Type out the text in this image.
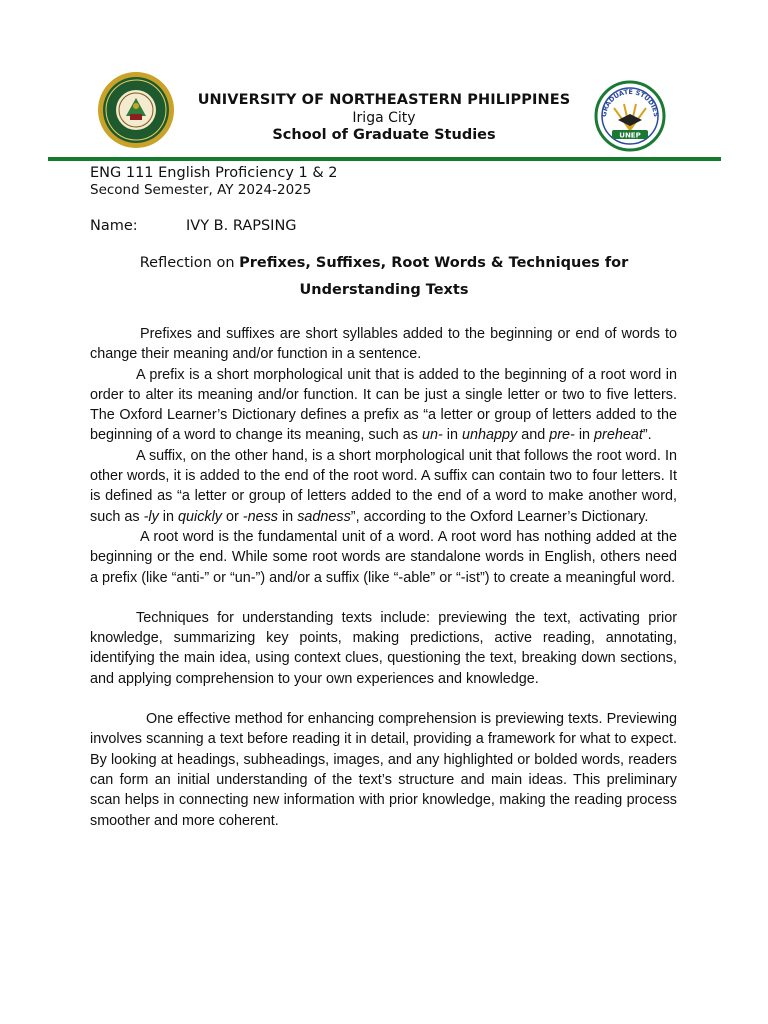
UNIVERSITY OF NORTHEASTERN PHILIPPINES
Iriga City
School of Graduate Studies	UNEP
GRADUATE STUDIES
ENG 111 English Proficiency 1 & 2
Second Semester, AY 2024-2025
Name:	IVY B. RAPSING
Reflection on Prefixes, Suffixes, Root Words & Techniques for
Understanding Texts

Prefixes and suffixes are short syllables added to the beginning or end of words to change their meaning and/or function in a sentence.

A prefix is a short morphological unit that is added to the beginning of a root word in order to alter its meaning and/or function. It can be just a single letter or two to five letters. The Oxford Learner’s Dictionary defines a prefix as “a letter or group of letters added to the beginning of a word to change its meaning, such as un- in unhappy and pre- in preheat”.

A suffix, on the other hand, is a short morphological unit that follows the root word. In other words, it is added to the end of the root word. A suffix can contain two to four letters. It is defined as “a letter or group of letters added to the end of a word to make another word, such as -ly in quickly or -ness in sadness”, according to the Oxford Learner’s Dictionary.

A root word is the fundamental unit of a word. A root word has nothing added at the beginning or the end. While some root words are standalone words in English, others need a prefix (like “anti-” or “un-”) and/or a suffix (like “-able” or “-ist”) to create a meaningful word.

Techniques for understanding texts include: previewing the text, activating prior knowledge, summarizing key points, making predictions, active reading, annotating, identifying the main idea, using context clues, questioning the text, breaking down sections, and applying comprehension to your own experiences and knowledge.

One effective method for enhancing comprehension is previewing texts. Previewing involves scanning a text before reading it in detail, providing a framework for what to expect. By looking at headings, subheadings, images, and any highlighted or bolded words, readers can form an initial understanding of the text’s structure and main ideas. This preliminary scan helps in connecting new information with prior knowledge, making the reading process smoother and more coherent.
